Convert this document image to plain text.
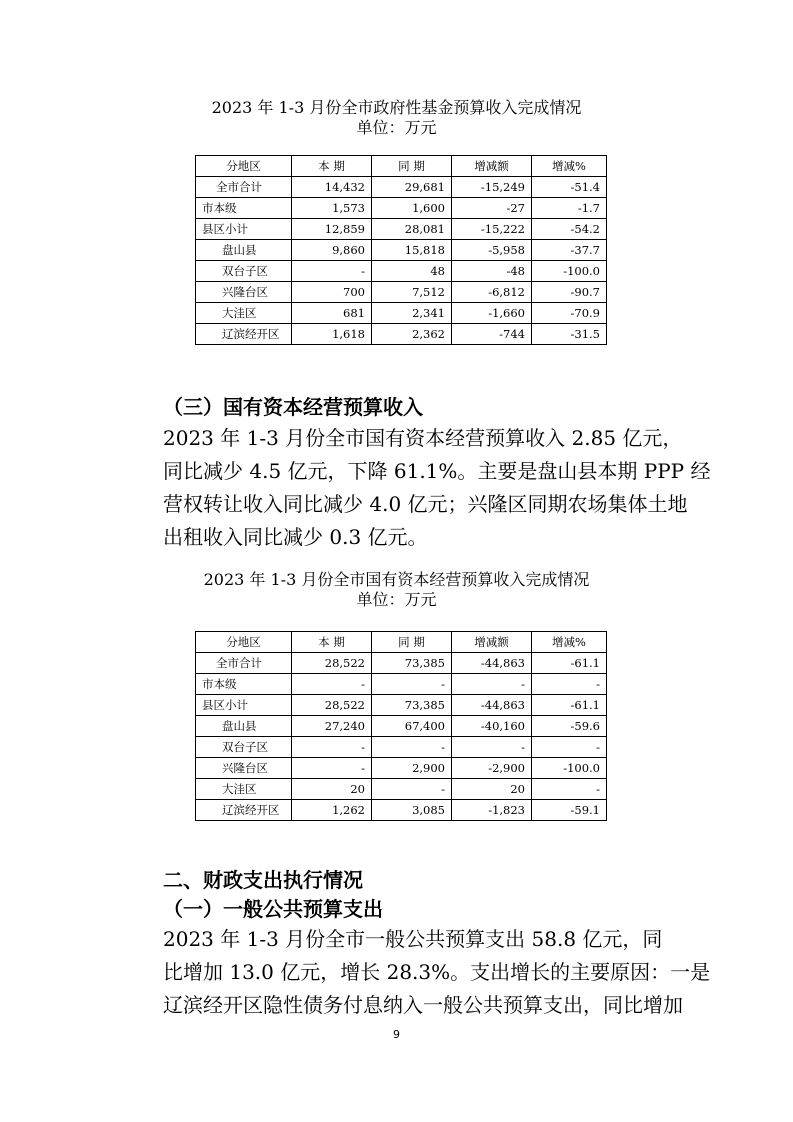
2023 年 1-3 月份全市政府性基金预算收入完成情况
单位：万元
分地区	本 期	同 期	增减额	增减%
全市合计	14,432	29,681	-15,249	-51.4
市本级	1,573	1,600	-27	-1.7
县区小计	12,859	28,081	-15,222	-54.2
盘山县	9,860	15,818	-5,958	-37.7
双台子区	-	48	-48	-100.0
兴隆台区	700	7,512	-6,812	-90.7
大洼区	681	2,341	-1,660	-70.9
辽滨经开区	1,618	2,362	-744	-31.5
（三）国有资本经营预算收入
2023 年 1-3 月份全市国有资本经营预算收入 2.85 亿元，
同比减少 4.5 亿元，下降 61.1%。主要是盘山县本期 PPP 经
营权转让收入同比减少 4.0 亿元；兴隆区同期农场集体土地
出租收入同比减少 0.3 亿元。
2023 年 1-3 月份全市国有资本经营预算收入完成情况
单位：万元
分地区	本 期	同 期	增减额	增减%
全市合计	28,522	73,385	-44,863	-61.1
市本级	-	-	-	-
县区小计	28,522	73,385	-44,863	-61.1
盘山县	27,240	67,400	-40,160	-59.6
双台子区	-	-	-	-
兴隆台区	-	2,900	-2,900	-100.0
大洼区	20	-	20	-
辽滨经开区	1,262	3,085	-1,823	-59.1
二、财政支出执行情况
（一）一般公共预算支出
2023 年 1-3 月份全市一般公共预算支出 58.8 亿元，同
比增加 13.0 亿元，增长 28.3%。支出增长的主要原因：一是
辽滨经开区隐性债务付息纳入一般公共预算支出，同比增加
9
